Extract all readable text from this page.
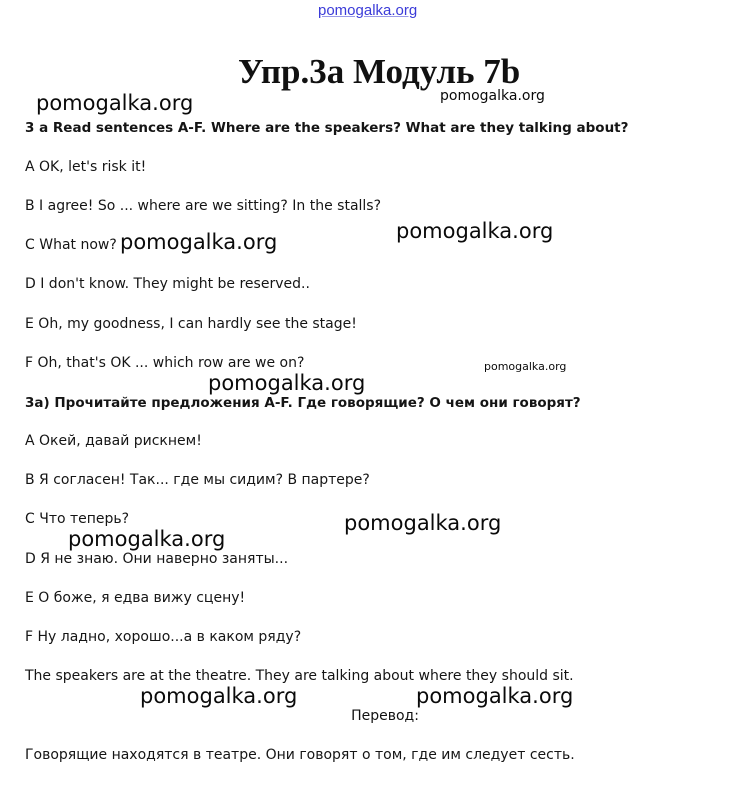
pomogalka.org
Упр.3a Модуль 7b
pomogalka.org	pomogalka.org
3 a Read sentences A-F. Where are the speakers? What are they talking about?
A OK, let's risk it!
B I agree! So ... where are we sitting? In the stalls?
C What now? pomogalka.org	pomogalka.org
D I don't know. They might be reserved..
E Oh, my goodness, I can hardly see the stage!
F Oh, that's OK ... which row are we on?	pomogalka.org
pomogalka.org
3a) Прочитайте предложения A-F. Где говорящие? О чем они говорят?
А Окей, давай рискнем!
В Я согласен! Так... где мы сидим? В партере?
С Что теперь?	pomogalka.org
pomogalka.org
D Я не знаю. Они наверно заняты...
Е О боже, я едва вижу сцену!
F Ну ладно, хорошо...а в каком ряду?
The speakers are at the theatre. They are talking about where they should sit.
pomogalka.org	pomogalka.org
Перевод:
Говорящие находятся в театре. Они говорят о том, где им следует сесть.
